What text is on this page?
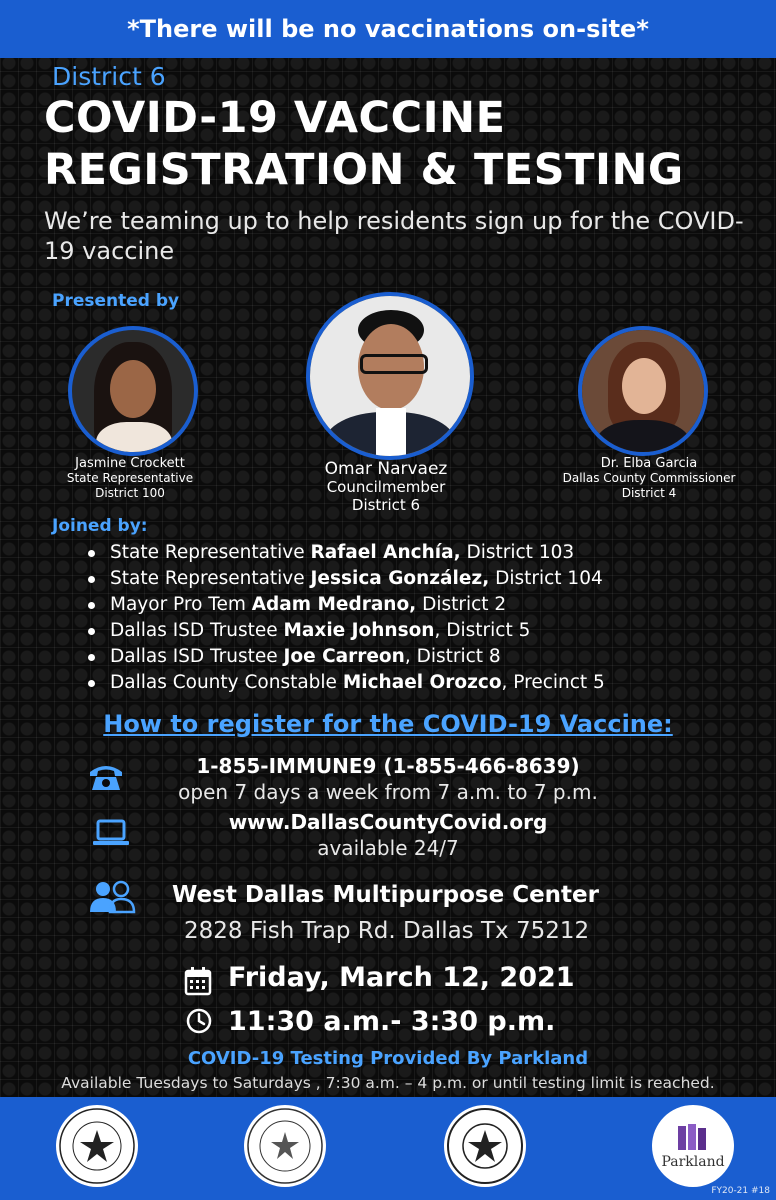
*There will be no vaccinations on-site*
District 6
COVID-19 VACCINE
REGISTRATION & TESTING
We’re teaming up to help residents sign up for the COVID-19 vaccine
Presented by
Jasmine Crockett
State Representative
District 100
Omar Narvaez
Councilmember
District 6
Dr. Elba Garcia
Dallas County Commissioner
District 4
Joined by:
State Representative Rafael Anchía, District 103
State Representative Jessica González, District 104
Mayor Pro Tem Adam Medrano, District 2
Dallas ISD Trustee Maxie Johnson, District 5
Dallas ISD Trustee Joe Carreon, District 8
Dallas County Constable Michael Orozco, Precinct 5
How to register for the COVID-19 Vaccine:
1-855-IMMUNE9 (1-855-466-8639)
open 7 days a week from 7 a.m. to 7 p.m.
www.DallasCountyCovid.org
available 24/7
West Dallas Multipurpose Center
2828 Fish Trap Rd. Dallas Tx 75212
Friday, March 12, 2021
11:30 a.m.- 3:30 p.m.
COVID-19 Testing Provided By Parkland
Available Tuesdays to Saturdays , 7:30 a.m. – 4 p.m. or until testing limit is reached.
Parkland
FY20-21 #18
